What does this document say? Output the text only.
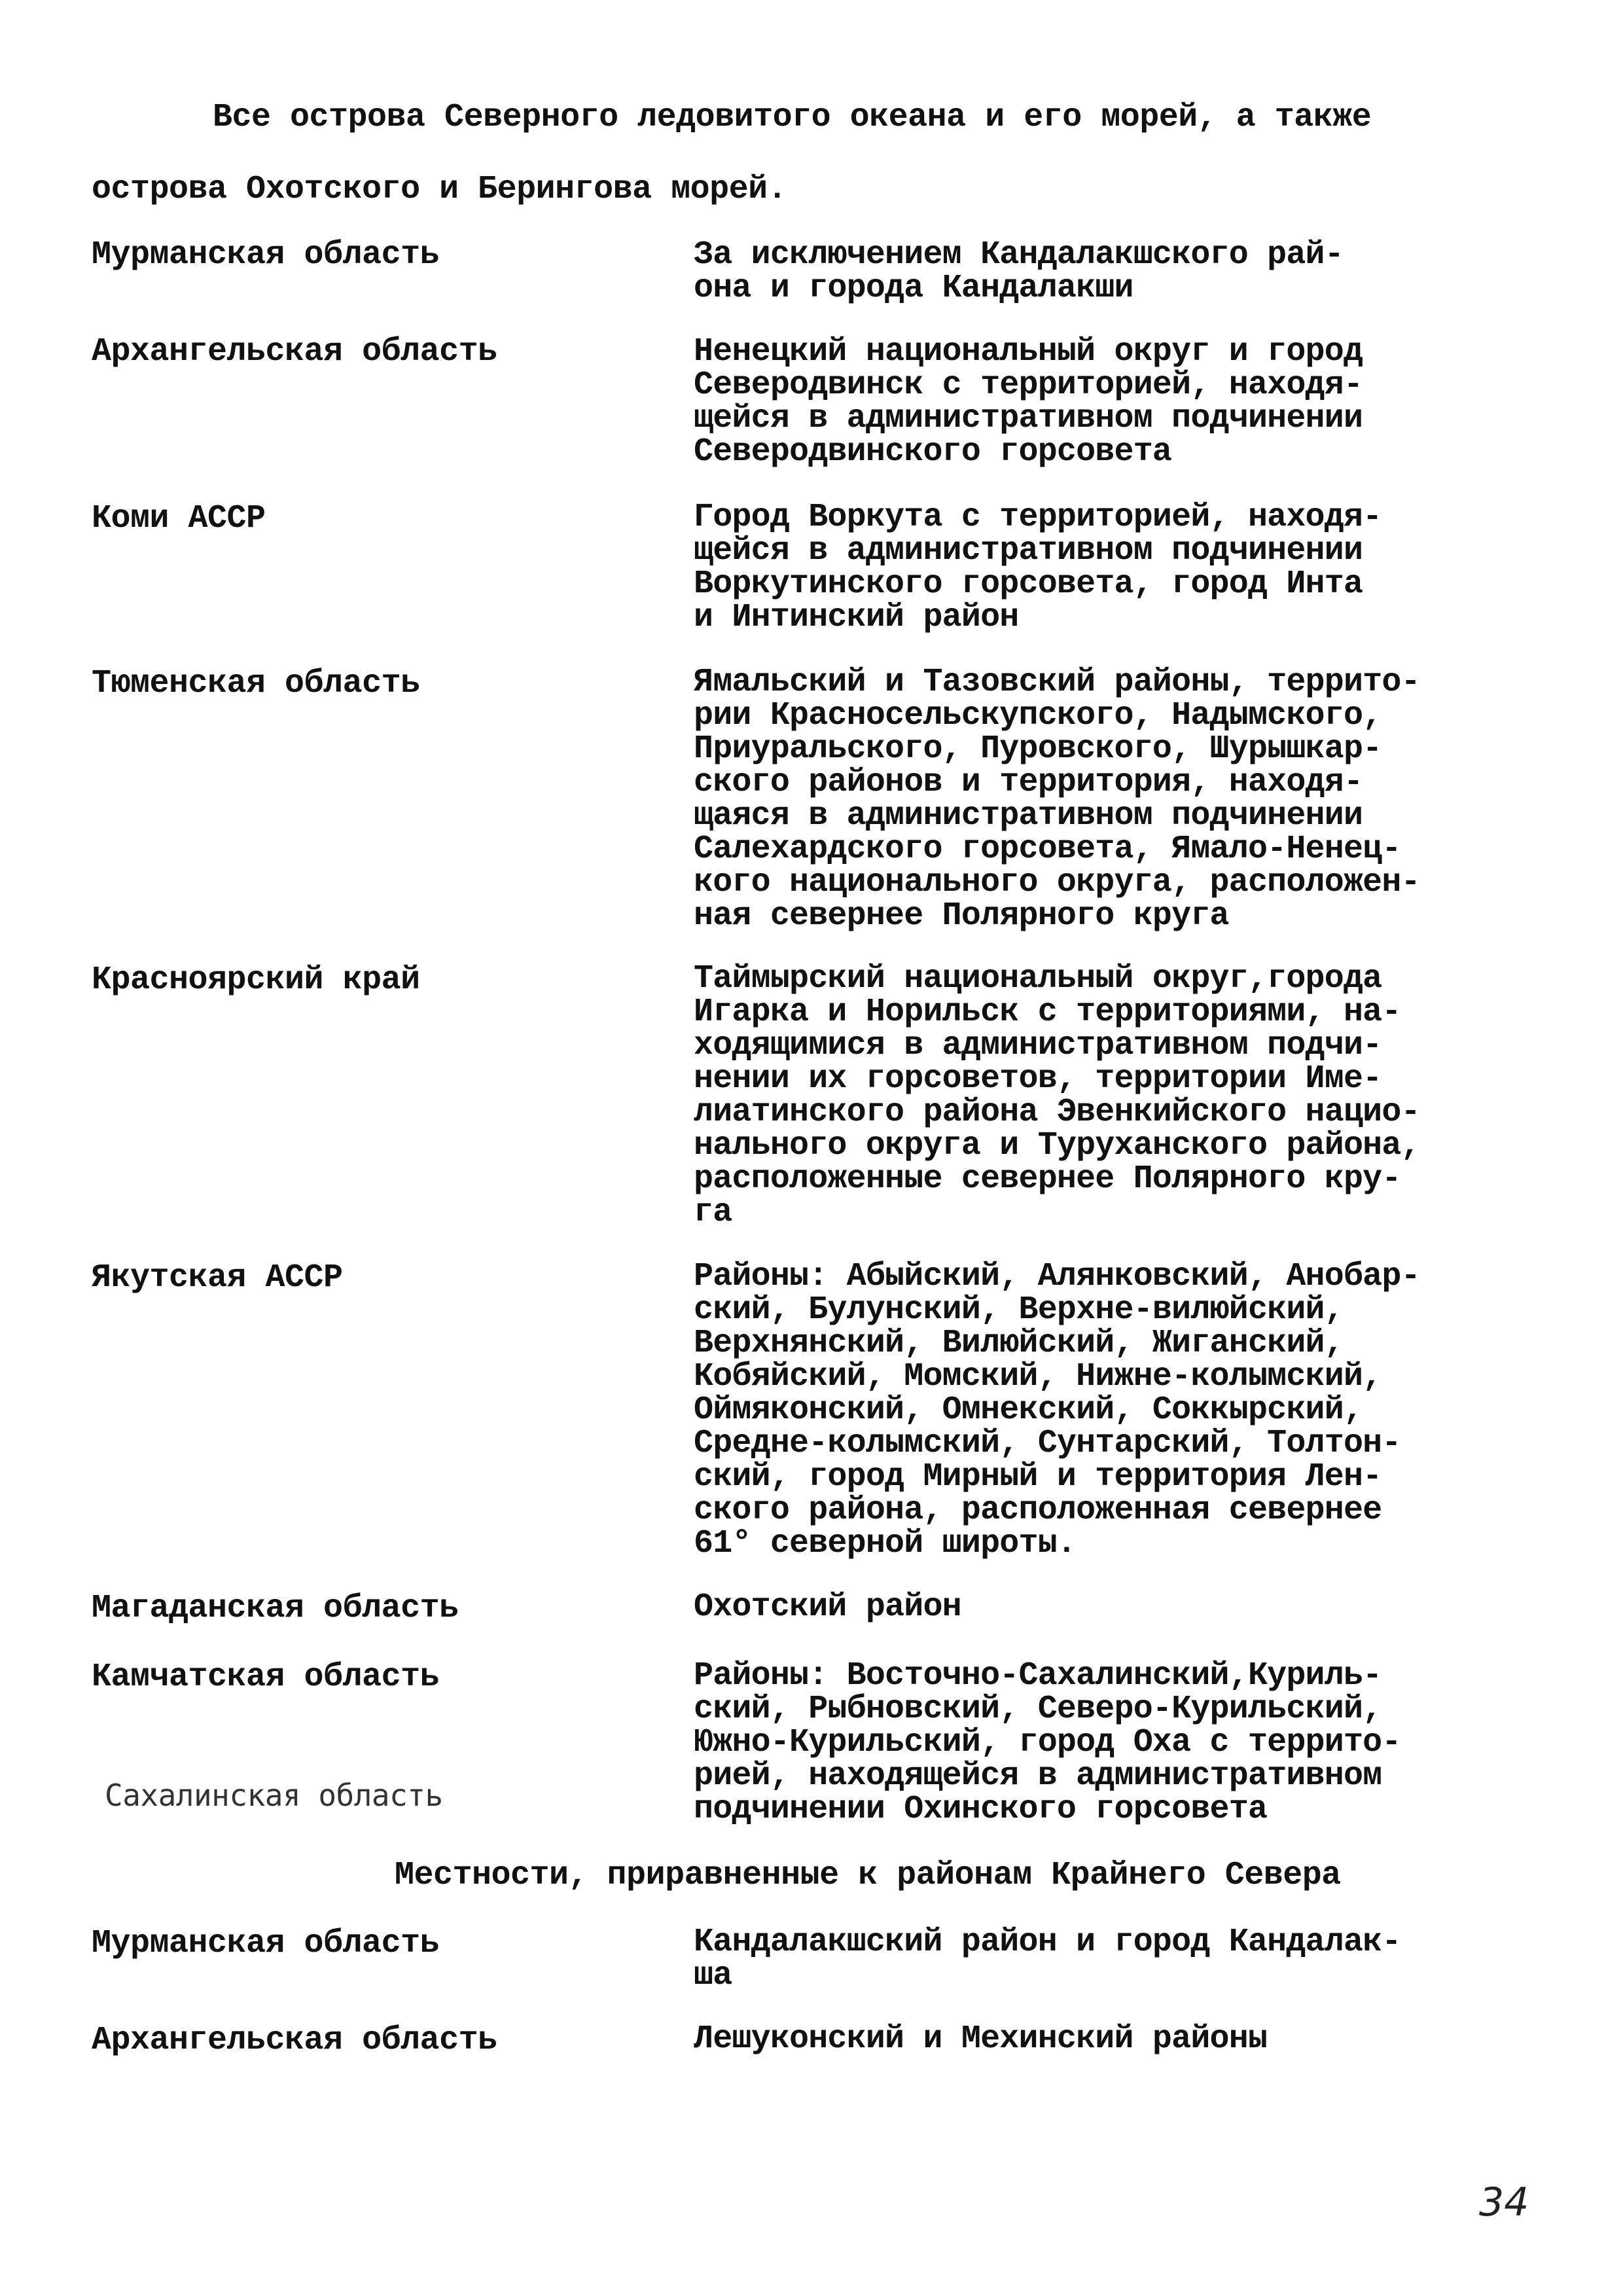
Все острова Северного ледовитого океана и его морей, а также
острова Охотского и Берингова морей.
Мурманская область	За исключением Кандалакшского рай-
она и города Кандалакши
Архангельская область	Ненецкий национальный округ и город
Северодвинск с территорией, находя-
щейся в административном подчинении
Северодвинского горсовета
Коми АССР	Город Воркута с территорией, находя-
щейся в административном подчинении
Воркутинского горсовета, город Инта
и Интинский район
Тюменская область	Ямальский и Тазовский районы, террито-
рии Красносельскупского, Надымского,
Приуральского, Пуровского, Шурышкар-
ского районов и территория, находя-
щаяся в административном подчинении
Салехардского горсовета, Ямало-Ненец-
кого национального округа, расположен-
ная севернее Полярного круга
Красноярский край	Таймырский национальный округ,города
Игарка и Норильск с территориями, на-
ходящимися в административном подчи-
нении их горсоветов, территории Име-
лиатинского района Эвенкийского нацио-
нального округа и Туруханского района,
расположенные севернее Полярного кру-
га
Якутская АССР	Районы: Абыйский, Алянковский, Анобар-
ский, Булунский, Верхне-вилюйский,
Верхнянский, Вилюйский, Жиганский,
Кобяйский, Момский, Нижне-колымский,
Оймяконский, Омнекский, Соккырский,
Средне-колымский, Сунтарский, Толтон-
ский, город Мирный и территория Лен-
ского района, расположенная севернее
61° северной широты.
Магаданская область	Охотский район
Камчатская область	Районы: Восточно-Сахалинский,Куриль-
ский, Рыбновский, Северо-Курильский,
Южно-Курильский, город Оха с террито-
рией, находящейся в административном
подчинении Охинского горсовета
Сахалинская область
Местности, приравненные к районам Крайнего Севера
Мурманская область	Кандалакшский район и город Кандалак-
ша
Архангельская область	Лешуконский и Мехинский районы
34
